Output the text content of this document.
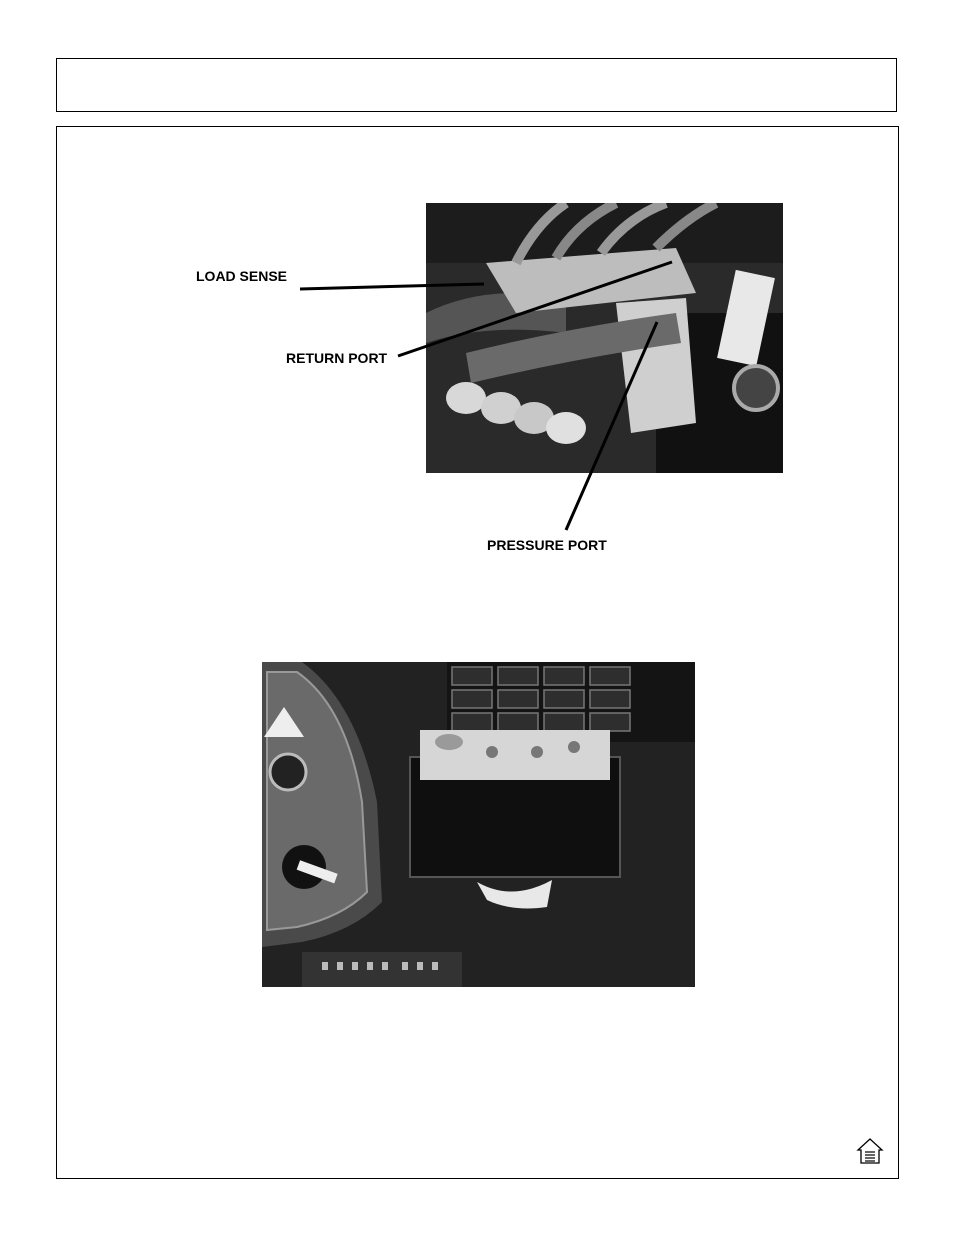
LOAD SENSE
RETURN PORT
PRESSURE PORT
